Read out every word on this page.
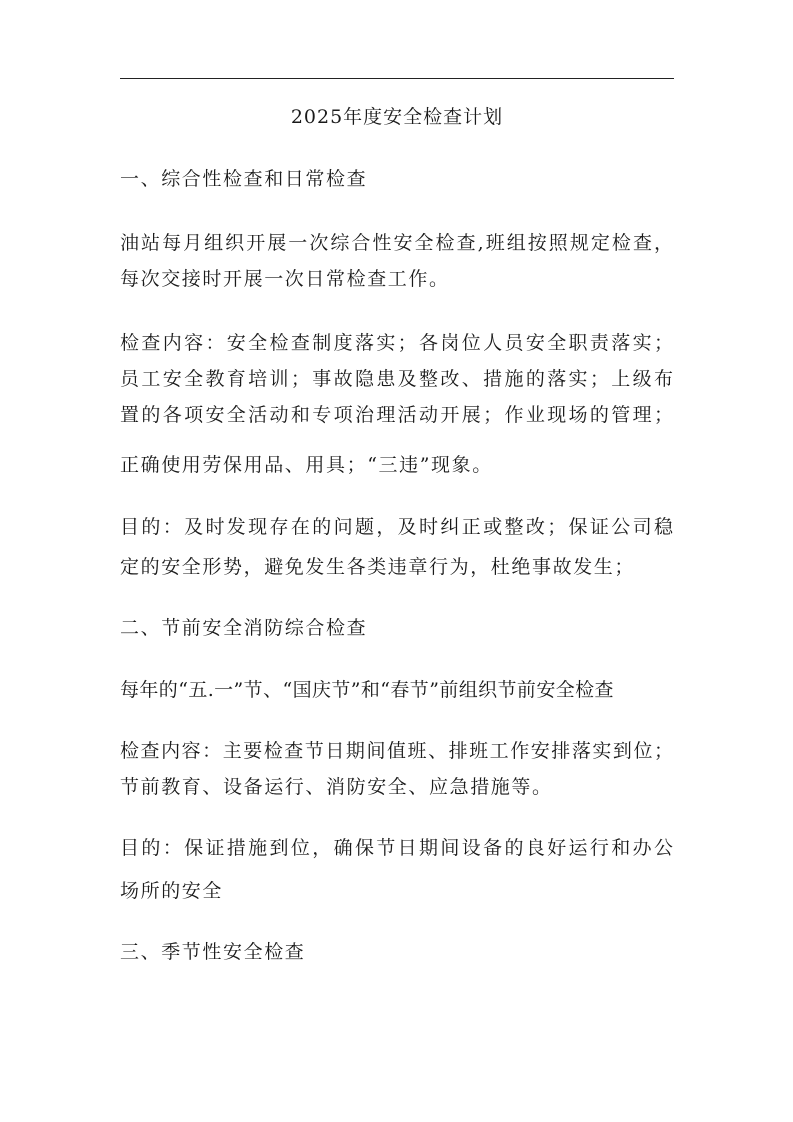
2025年度安全检查计划
一、综合性检查和日常检查
油站每月组织开展一次综合性安全检查,班组按照规定检查，
每次交接时开展一次日常检查工作。
检查内容：安全检查制度落实；各岗位人员安全职责落实；
员工安全教育培训；事故隐患及整改、措施的落实；上级布
置的各项安全活动和专项治理活动开展；作业现场的管理；
正确使用劳保用品、用具；“三违”现象。
目的：及时发现存在的问题，及时纠正或整改；保证公司稳
定的安全形势，避免发生各类违章行为，杜绝事故发生；
二、节前安全消防综合检查
每年的“五.一”节、“国庆节”和“春节”前组织节前安全检查
检查内容：主要检查节日期间值班、排班工作安排落实到位；
节前教育、设备运行、消防安全、应急措施等。
目的：保证措施到位，确保节日期间设备的良好运行和办公
场所的安全
三、季节性安全检查
